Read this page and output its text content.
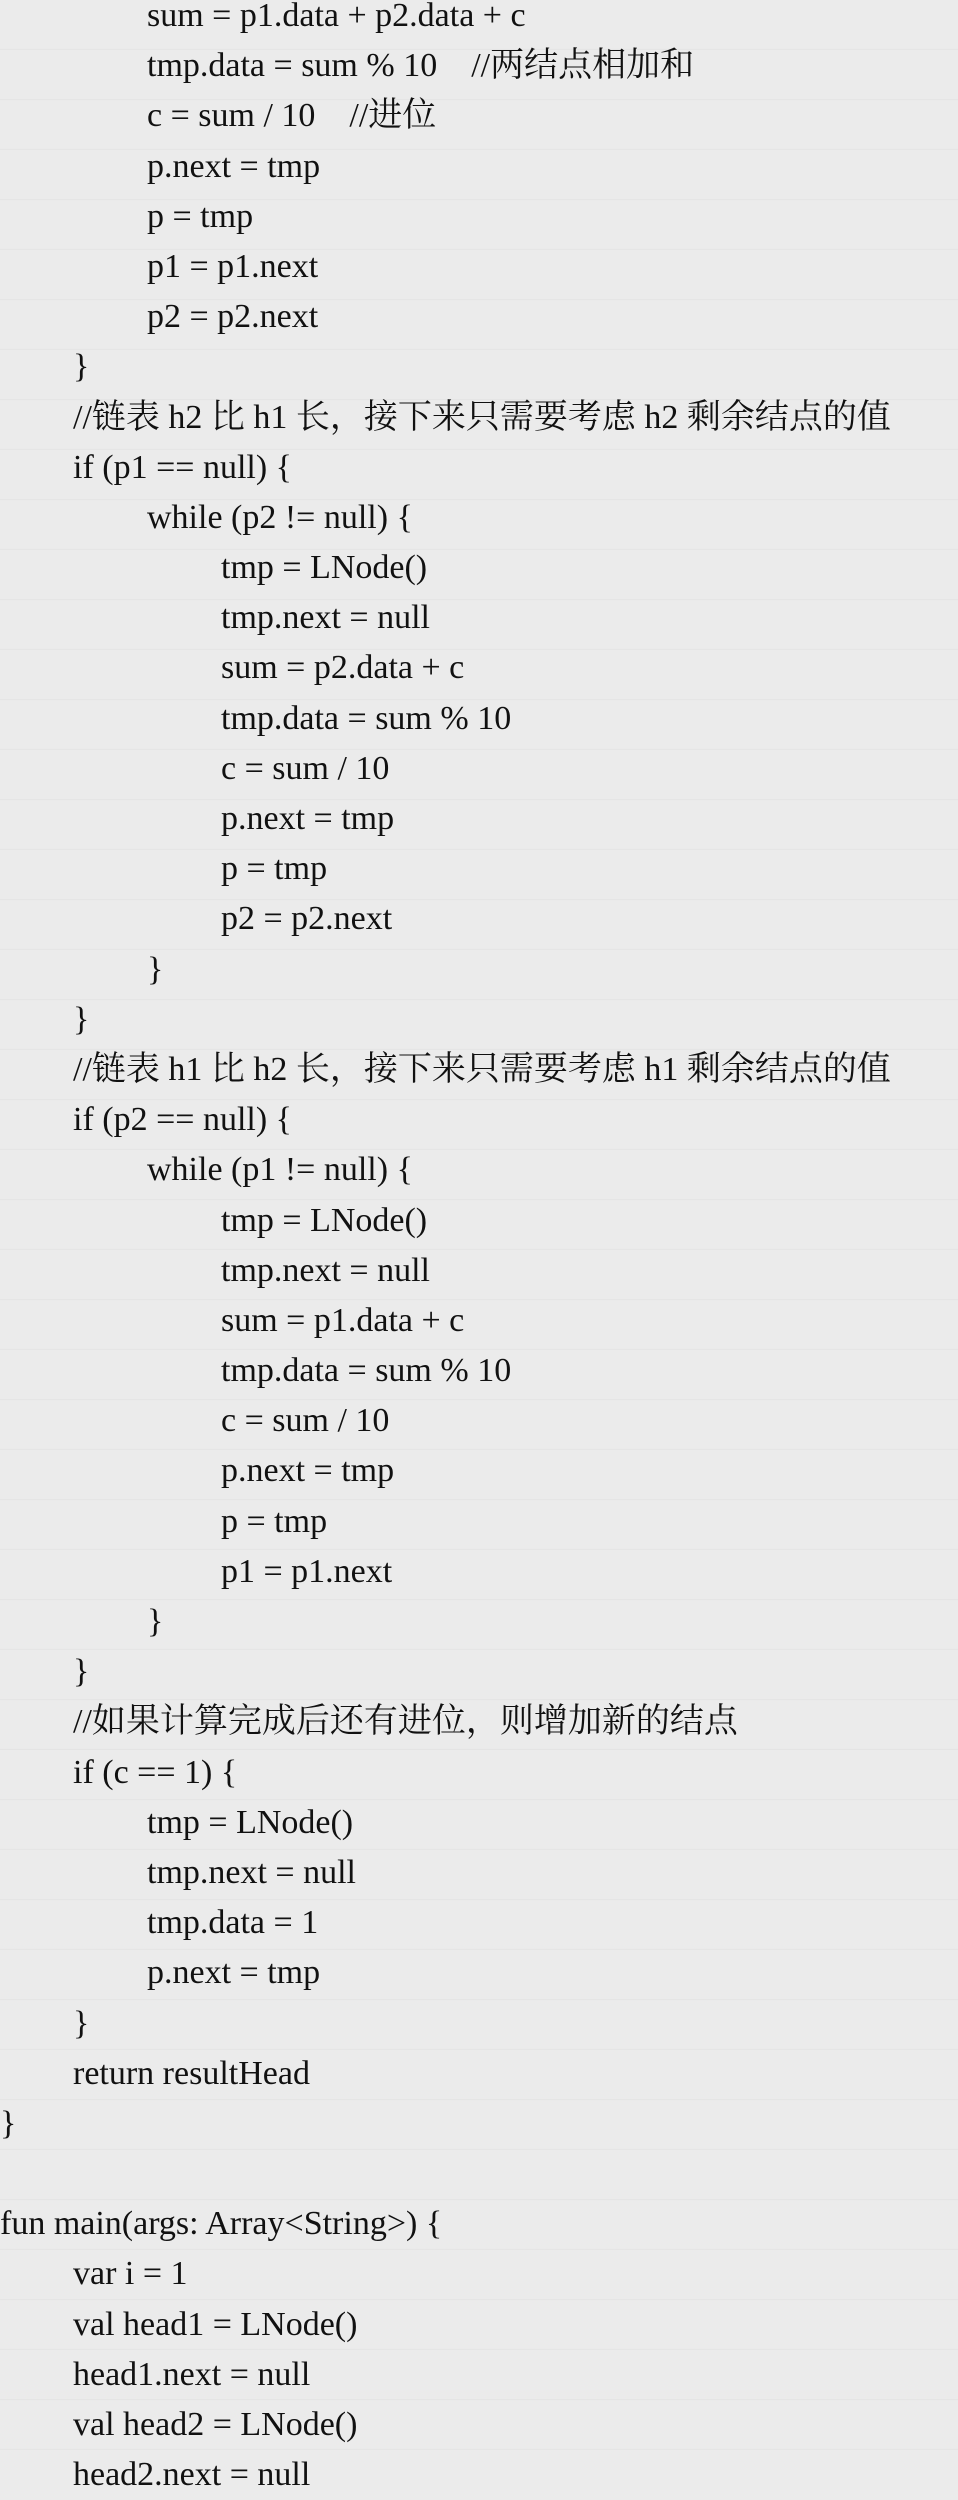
sum = p1.data + p2.data + c
tmp.data = sum % 10    //两结点相加和
c = sum / 10    //进位
p.next = tmp
p = tmp
p1 = p1.next
p2 = p2.next
}
//链表 h2 比 h1 长，接下来只需要考虑 h2 剩余结点的值
if (p1 == null) {
while (p2 != null) {
tmp = LNode()
tmp.next = null
sum = p2.data + c
tmp.data = sum % 10
c = sum / 10
p.next = tmp
p = tmp
p2 = p2.next
}
}
//链表 h1 比 h2 长，接下来只需要考虑 h1 剩余结点的值
if (p2 == null) {
while (p1 != null) {
tmp = LNode()
tmp.next = null
sum = p1.data + c
tmp.data = sum % 10
c = sum / 10
p.next = tmp
p = tmp
p1 = p1.next
}
}
//如果计算完成后还有进位，则增加新的结点
if (c == 1) {
tmp = LNode()
tmp.next = null
tmp.data = 1
p.next = tmp
}
return resultHead
}
fun main(args: Array<String>) {
var i = 1
val head1 = LNode()
head1.next = null
val head2 = LNode()
head2.next = null
